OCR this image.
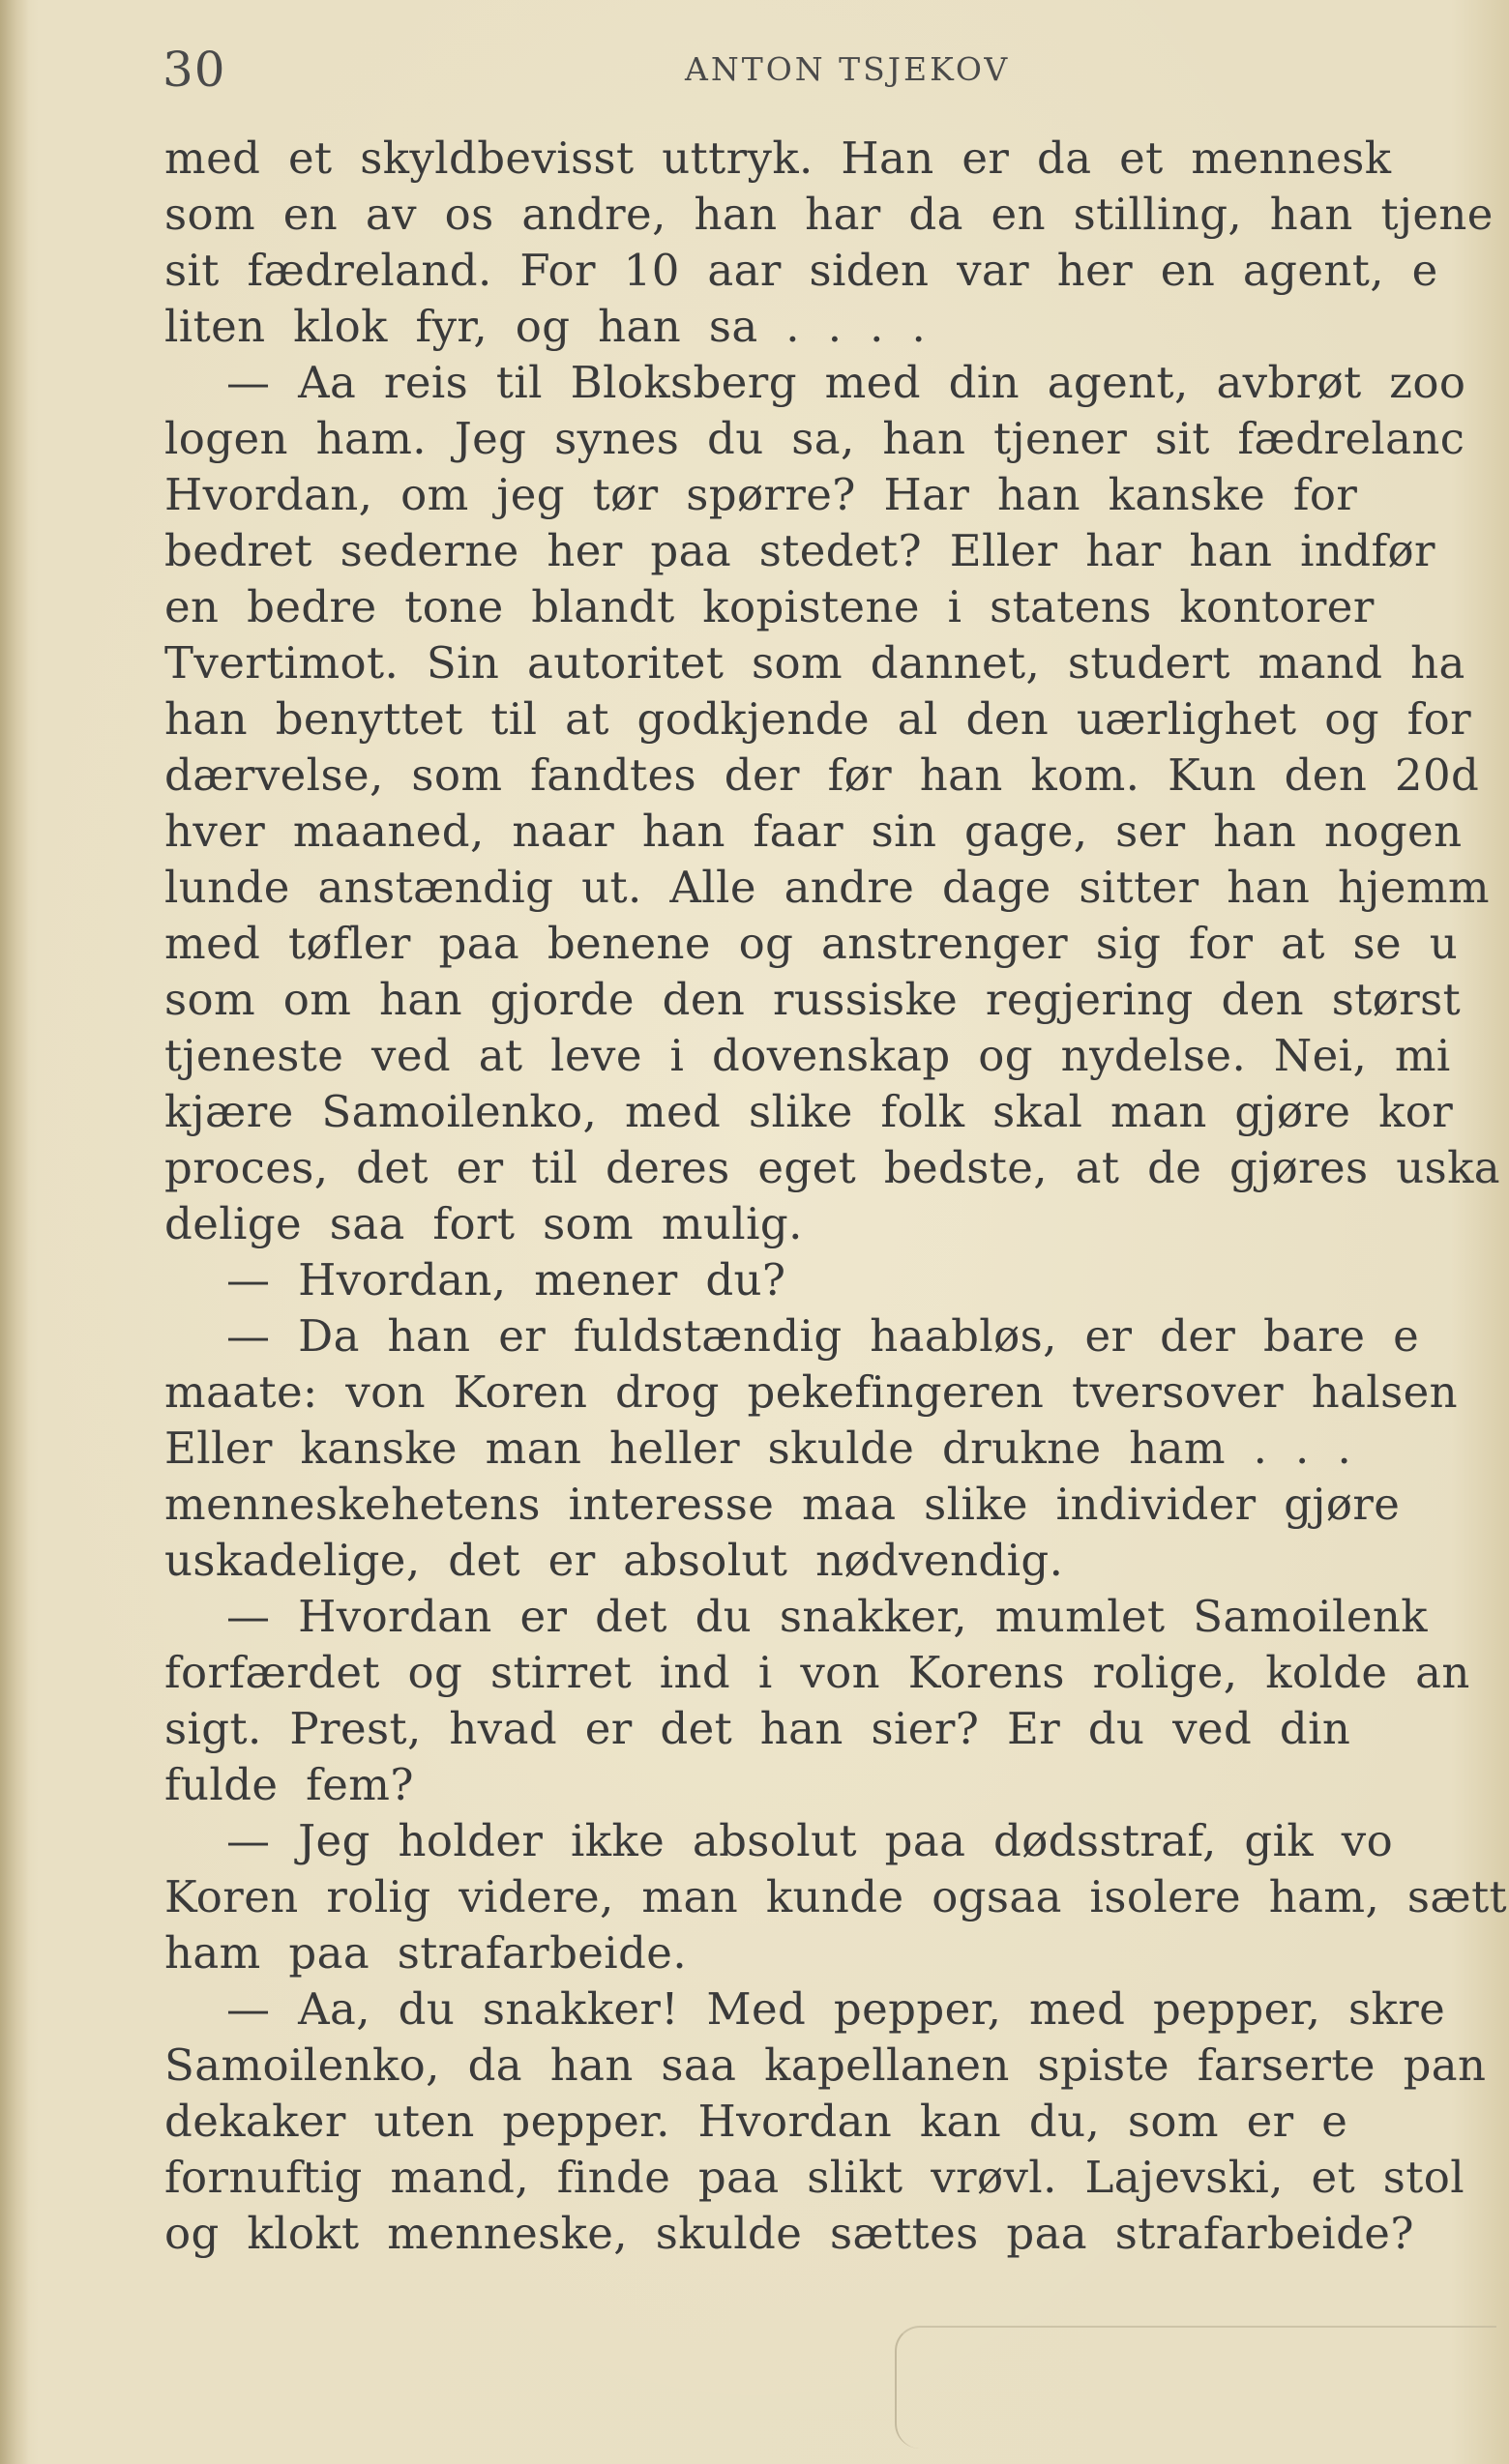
30	ANTON TSJEKOV
med et skyldbevisst uttryk. Han er da et mennesk
som en av os andre, han har da en stilling, han tjene
sit fædreland. For 10 aar siden var her en agent, e
liten klok fyr, og han sa . . . .
— Aa reis til Bloksberg med din agent, avbrøt zoo
logen ham. Jeg synes du sa, han tjener sit fædrelanc
Hvordan, om jeg tør spørre? Har han kanske for
bedret sederne her paa stedet? Eller har han indfør
en bedre tone blandt kopistene i statens kontorer
Tvertimot. Sin autoritet som dannet, studert mand ha
han benyttet til at godkjende al den uærlighet og for
dærvelse, som fandtes der før han kom. Kun den 20d
hver maaned, naar han faar sin gage, ser han nogen
lunde anstændig ut. Alle andre dage sitter han hjemm
med tøfler paa benene og anstrenger sig for at se u
som om han gjorde den russiske regjering den størst
tjeneste ved at leve i dovenskap og nydelse. Nei, mi
kjære Samoilenko, med slike folk skal man gjøre kor
proces, det er til deres eget bedste, at de gjøres uska
delige saa fort som mulig.
— Hvordan, mener du?
— Da han er fuldstændig haabløs, er der bare e
maate: von Koren drog pekefingeren tversover halsen
Eller kanske man heller skulde drukne ham . . .
menneskehetens interesse maa slike individer gjøre
uskadelige, det er absolut nødvendig.
— Hvordan er det du snakker, mumlet Samoilenk
forfærdet og stirret ind i von Korens rolige, kolde an
sigt. Prest, hvad er det han sier? Er du ved din
fulde fem?
— Jeg holder ikke absolut paa dødsstraf, gik vo
Koren rolig videre, man kunde ogsaa isolere ham, sætt
ham paa strafarbeide.
— Aa, du snakker! Med pepper, med pepper, skre
Samoilenko, da han saa kapellanen spiste farserte pan
dekaker uten pepper. Hvordan kan du, som er e
fornuftig mand, finde paa slikt vrøvl. Lajevski, et stol
og klokt menneske, skulde sættes paa strafarbeide?
